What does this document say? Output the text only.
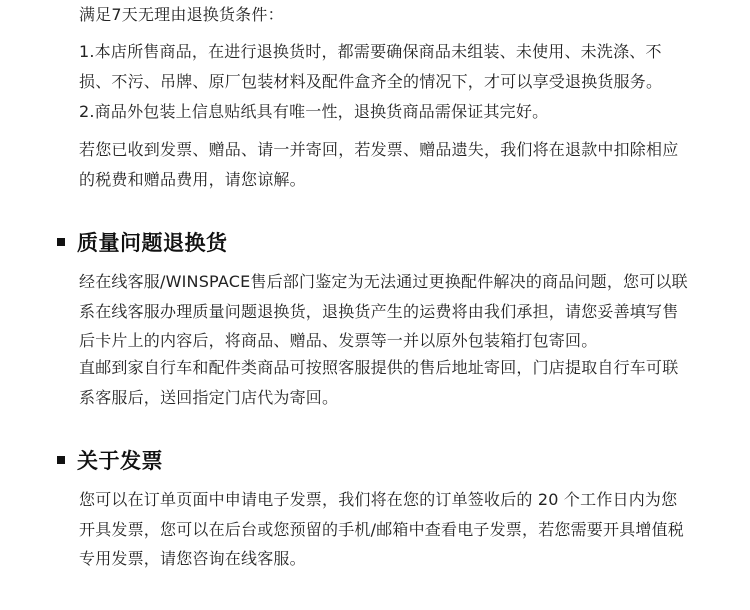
满足7天无理由退换货条件：

1.本店所售商品，在进行退换货时，都需要确保商品未组装、未使用、未洗涤、不损、不污、吊牌、原厂包装材料及配件盒齐全的情况下，才可以享受退换货服务。

2.商品外包装上信息贴纸具有唯一性，退换货商品需保证其完好。

若您已收到发票、赠品、请一并寄回，若发票、赠品遗失，我们将在退款中扣除相应的税费和赠品费用，请您谅解。

质量问题退换货

经在线客服/WINSPACE售后部门鉴定为无法通过更换配件解决的商品问题，您可以联系在线客服办理质量问题退换货，退换货产生的运费将由我们承担，请您妥善填写售后卡片上的内容后，将商品、赠品、发票等一并以原外包装箱打包寄回。

直邮到家自行车和配件类商品可按照客服提供的售后地址寄回，门店提取自行车可联系客服后，送回指定门店代为寄回。

关于发票

您可以在订单页面中申请电子发票，我们将在您的订单签收后的 20 个工作日内为您开具发票，您可以在后台或您预留的手机/邮箱中查看电子发票，若您需要开具增值税专用发票，请您咨询在线客服。
